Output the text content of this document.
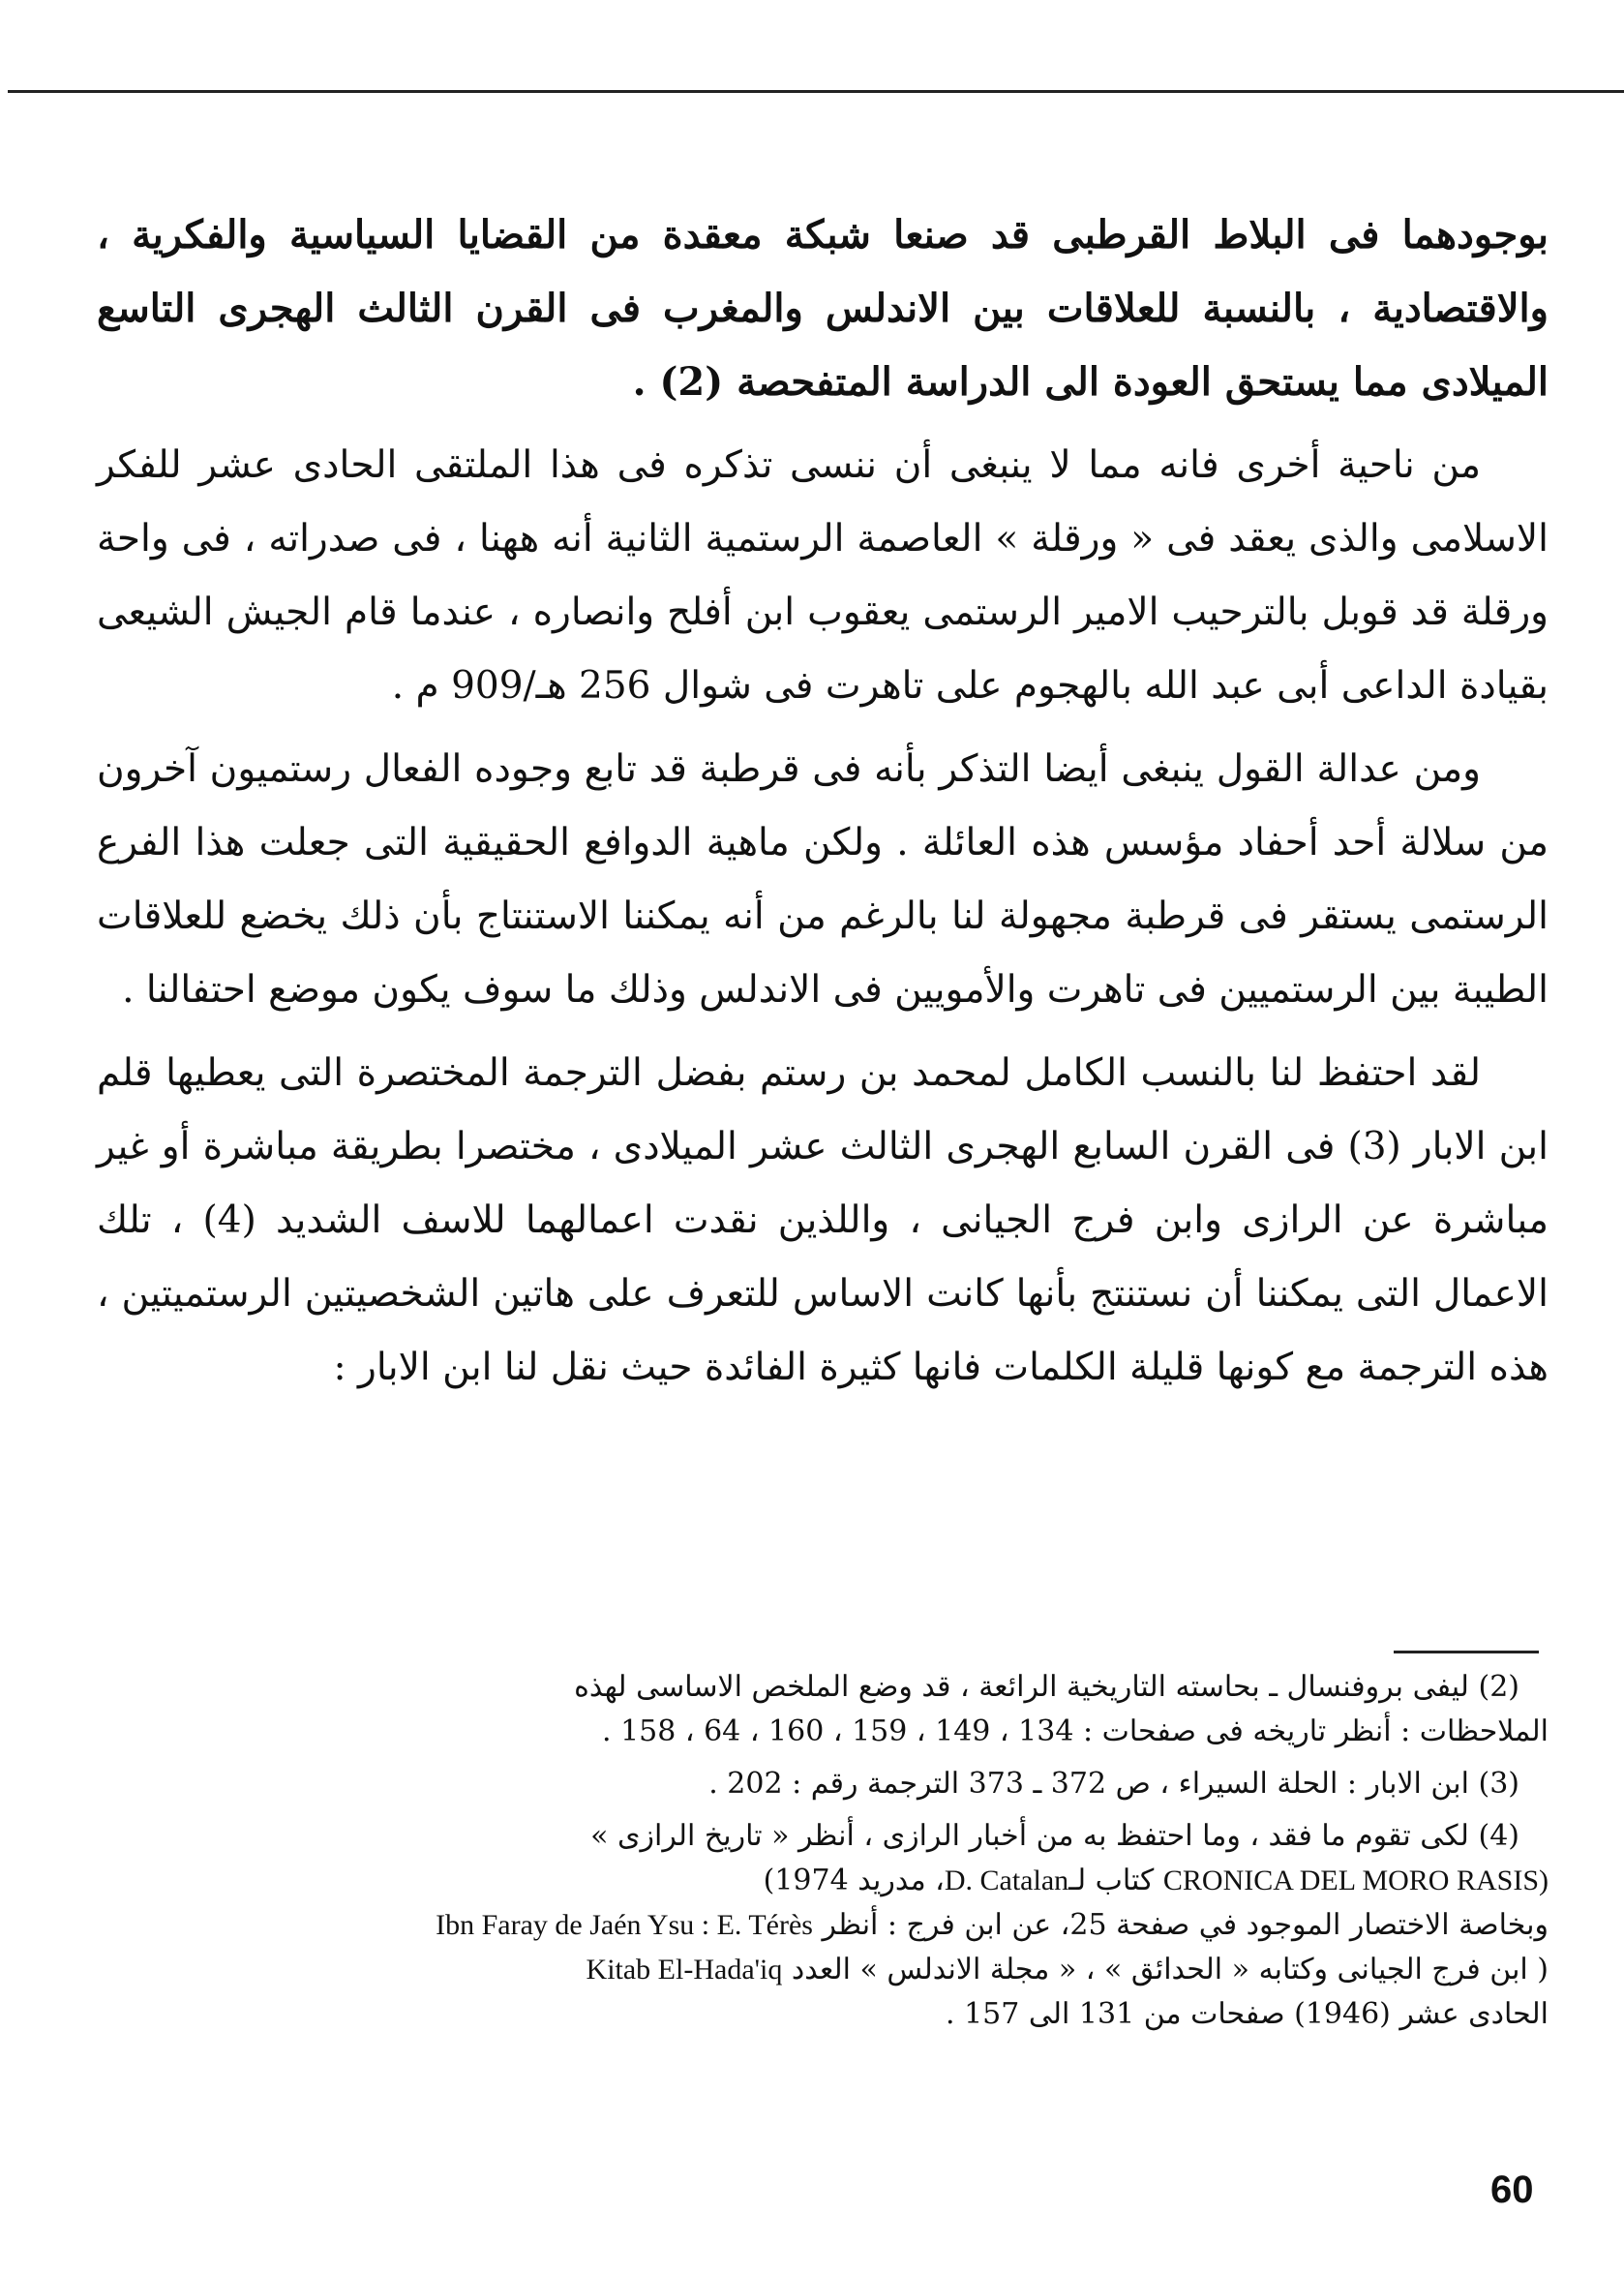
بوجودهما فى البلاط القرطبى قد صنعا شبكة معقدة من القضايا السياسية والفكرية ، والاقتصادية ، بالنسبة للعلاقات بين الاندلس والمغرب فى القرن الثالث الهجرى التاسع الميلادى مما يستحق العودة الى الدراسة المتفحصة (2) .

من ناحية أخرى فانه مما لا ينبغى أن ننسى تذكره فى هذا الملتقى الحادى عشر للفكر الاسلامى والذى يعقد فى « ورقلة » العاصمة الرستمية الثانية أنه ههنا ، فى صدراته ، فى واحة ورقلة قد قوبل بالترحيب الامير الرستمى يعقوب ابن أفلح وانصاره ، عندما قام الجيش الشيعى بقيادة الداعى أبى عبد الله بالهجوم على تاهرت فى شوال 256 هـ/909 م .

ومن عدالة القول ينبغى أيضا التذكر بأنه فى قرطبة قد تابع وجوده الفعال رستميون آخرون من سلالة أحد أحفاد مؤسس هذه العائلة . ولكن ماهية الدوافع الحقيقية التى جعلت هذا الفرع الرستمى يستقر فى قرطبة مجهولة لنا بالرغم من أنه يمكننا الاستنتاج بأن ذلك يخضع للعلاقات الطيبة بين الرستميين فى تاهرت والأمويين فى الاندلس وذلك ما سوف يكون موضع احتفالنا .

لقد احتفظ لنا بالنسب الكامل لمحمد بن رستم بفضل الترجمة المختصرة التى يعطيها قلم ابن الابار (3) فى القرن السابع الهجرى الثالث عشر الميلادى ، مختصرا بطريقة مباشرة أو غير مباشرة عن الرازى وابن فرج الجيانى ، واللذين نقدت اعمالهما للاسف الشديد (4) ، تلك الاعمال التى يمكننا أن نستنتج بأنها كانت الاساس للتعرف على هاتين الشخصيتين الرستميتين ، هذه الترجمة مع كونها قليلة الكلمات فانها كثيرة الفائدة حيث نقل لنا ابن الابار :

(2) ليفى بروفنسال ـ بحاسته التاريخية الرائعة ، قد وضع الملخص الاساسى لهذه

الملاحظات : أنظر تاريخه فى صفحات : 134 ، 149 ، 159 ، 160 ، 64 ، 158 .

(3) ابن الابار : الحلة السيراء ، ص 372 ـ 373 الترجمة رقم : 202 .

(4) لكى تقوم ما فقد ، وما احتفظ به من أخبار الرازى ، أنظر « تاريخ الرازى »

CRONICA DEL MORO RASIS) كتاب لـD. Catalan، مدريد 1974)

وبخاصة الاختصار الموجود في صفحة 25، عن ابن فرج : أنظر Ibn Faray de Jaén Ysu : E. Térès

( ابن فرج الجيانى وكتابه « الحدائق » ، « مجلة الاندلس » العدد Kitab El-Hada'iq

الحادى عشر (1946) صفحات من 131 الى 157 .

60
